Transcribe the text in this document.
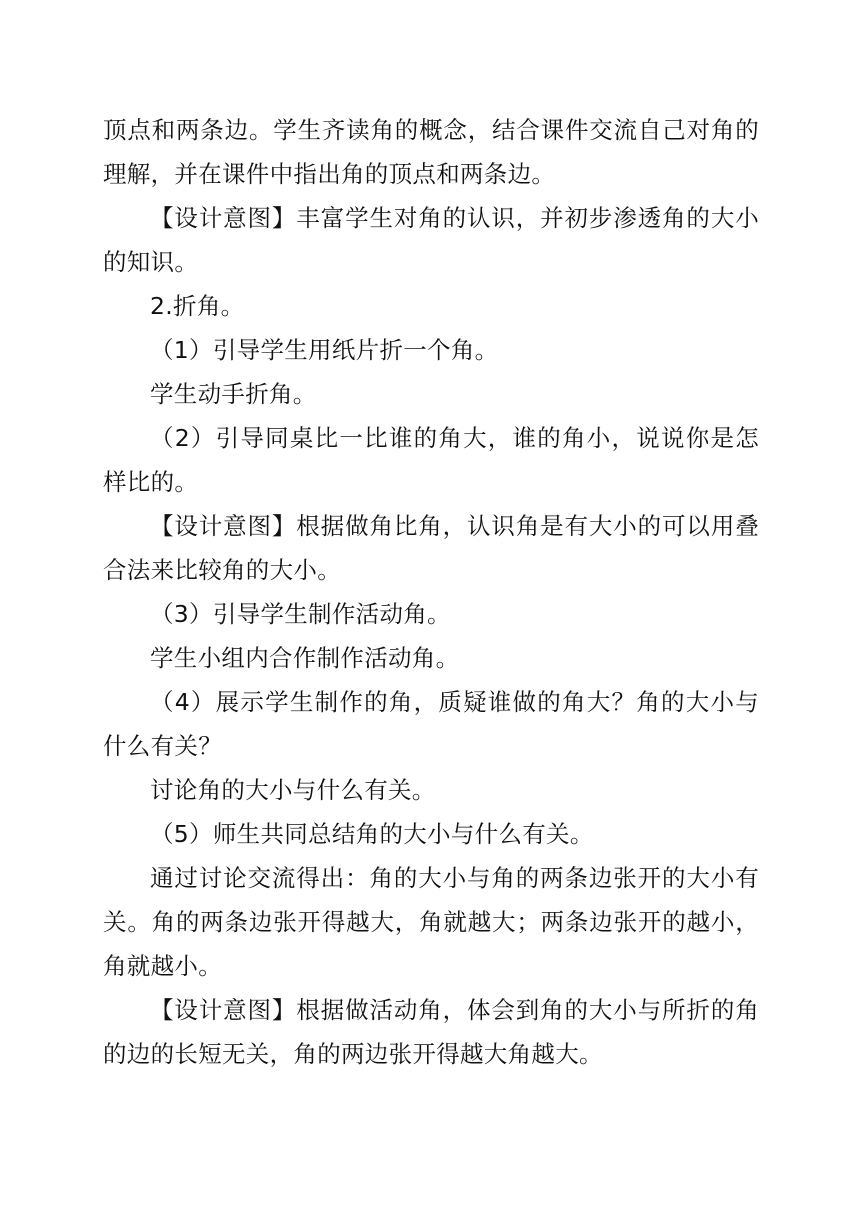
顶点和两条边。学生齐读角的概念，结合课件交流自己对角的理解，并在课件中指出角的顶点和两条边。

【设计意图】丰富学生对角的认识，并初步渗透角的大小的知识。

2.折角。

（1）引导学生用纸片折一个角。

学生动手折角。

（2）引导同桌比一比谁的角大，谁的角小，说说你是怎样比的。

【设计意图】根据做角比角，认识角是有大小的可以用叠合法来比较角的大小。

（3）引导学生制作活动角。

学生小组内合作制作活动角。

（4）展示学生制作的角，质疑谁做的角大？角的大小与什么有关？

讨论角的大小与什么有关。

（5）师生共同总结角的大小与什么有关。

通过讨论交流得出：角的大小与角的两条边张开的大小有关。角的两条边张开得越大，角就越大；两条边张开的越小，角就越小。

【设计意图】根据做活动角，体会到角的大小与所折的角的边的长短无关，角的两边张开得越大角越大。
